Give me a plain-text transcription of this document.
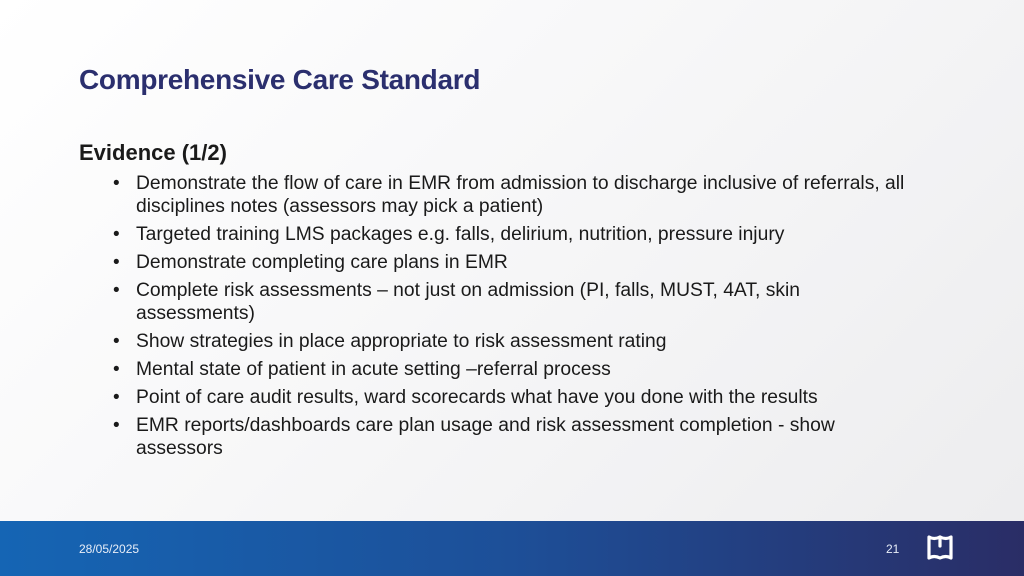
Comprehensive Care Standard
Evidence (1/2)
• Demonstrate the flow of care in EMR from admission to discharge inclusive of referrals, all disciplines notes (assessors may pick a patient)
• Targeted training LMS packages e.g. falls, delirium, nutrition, pressure injury
• Demonstrate completing care plans in EMR
• Complete risk assessments – not just on admission (PI, falls, MUST, 4AT, skin assessments)
• Show strategies in place appropriate to risk assessment rating
• Mental state of patient in acute setting –referral process
• Point of care audit results, ward scorecards what have you done with the results
• EMR reports/dashboards care plan usage and risk assessment completion - show assessors
28/05/2025	21
